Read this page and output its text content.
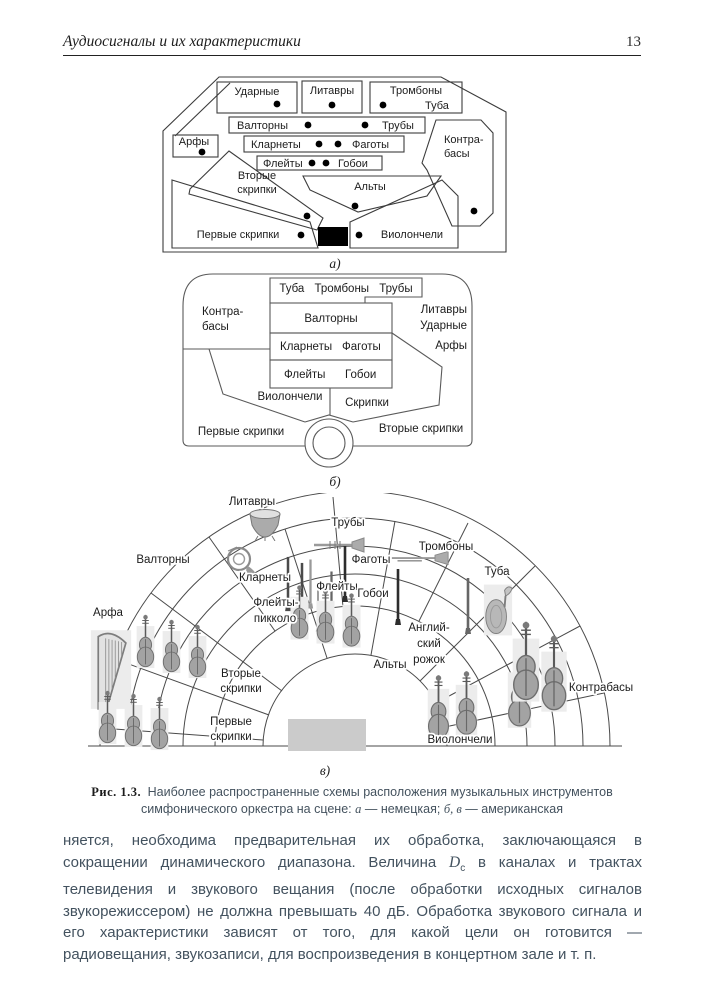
Аудиосигналы и их характеристики	13
Ударные	Литавры	Тромбоны
Туба
Валторны	Трубы
Арфы	Кларнеты	Фаготы
Флейты	Гобои
Контра-
басы
Вторые
скрипки	Альты
Первые скрипки	Виолончели
а)
Туба Тромбоны Трубы
Валторны
Кларнеты Фаготы
Флейты Гобои
Контра-
басы
Литавры
Ударные
Арфы
Виолончели Скрипки
Первые скрипки	Вторые скрипки
б)
Литавры
Трубы
Валторны
Тромбоны
Фаготы
Туба
Кларнеты
Флейты
Гобои
Флейты-
пикколо
Англий-
ский
рожок
Арфа
Альты
Вторые
скрипки
Первые
скрипки	Виолончели
Контрабасы
в)
Рис. 1.3. Наиболее распространенные схемы расположения музыкальных инструментов симфонического оркестра на сцене: а — немецкая; б, в — американская

няется, необходима предварительная их обработка, заключающаяся в сокращении динамического диапазона. Величина $D_с$ в каналах и трактах телевидения и звукового вещания (после обработки исходных сигналов звукорежиссером) не должна превышать 40 дБ. Обработка звукового сигнала и его характеристики зависят от того, для какой цели он готовится — радиовещания, звукозаписи, для воспроизведения в концертном зале и т. п.
